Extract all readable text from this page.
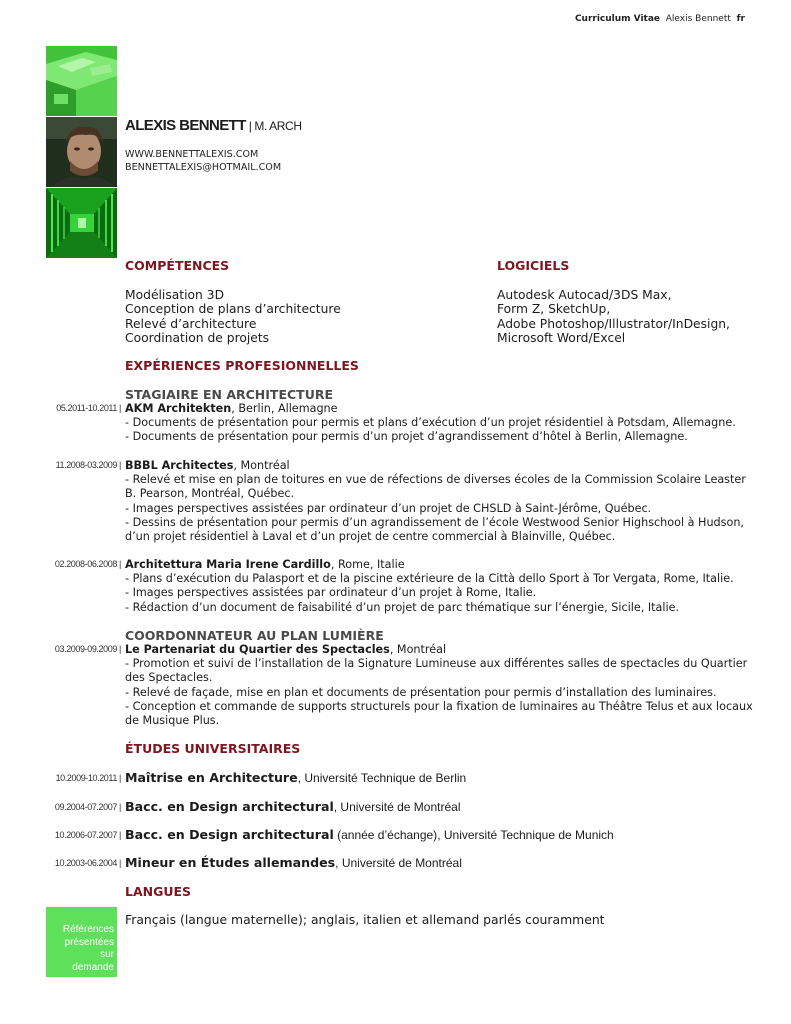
Curriculum Vitae Alexis Bennett fr
ALEXIS BENNETT | M. ARCH
WWW.BENNETTALEXIS.COM
BENNETTALEXIS@HOTMAIL.COM
COMPÉTENCES
Modélisation 3D
Conception de plans d’architecture
Relevé d’architecture
Coordination de projets
LOGICIELS
Autodesk Autocad/3DS Max,
Form Z, SketchUp,
Adobe Photoshop/Illustrator/InDesign,
Microsoft Word/Excel
EXPÉRIENCES PROFESIONNELLES
STAGIAIRE EN ARCHITECTURE
05.2011-10.2011 | AKM Architekten, Berlin, Allemagne
- Documents de présentation pour permis et plans d’exécution d’un projet résidentiel à Potsdam, Allemagne.
- Documents de présentation pour permis d’un projet d’agrandissement d’hôtel à Berlin, Allemagne.
11.2008-03.2009 | BBBL Architectes, Montréal
- Relevé et mise en plan de toitures en vue de réfections de diverses écoles de la Commission Scolaire Leaster
B. Pearson, Montréal, Québec.
- Images perspectives assistées par ordinateur d’un projet de CHSLD à Saint-Jérôme, Québec.
- Dessins de présentation pour permis d’un agrandissement de l’école Westwood Senior Highschool à Hudson,
d’un projet résidentiel à Laval et d’un projet de centre commercial à Blainville, Québec.
02.2008-06.2008 | Architettura Maria Irene Cardillo, Rome, Italie
- Plans d’exécution du Palasport et de la piscine extérieure de la Città dello Sport à Tor Vergata, Rome, Italie.
- Images perspectives assistées par ordinateur d’un projet à Rome, Italie.
- Rédaction d’un document de faisabilité d’un projet de parc thématique sur l’énergie, Sicile, Italie.
COORDONNATEUR AU PLAN LUMIÈRE
03.2009-09.2009 | Le Partenariat du Quartier des Spectacles, Montréal
- Promotion et suivi de l’installation de la Signature Lumineuse aux différentes salles de spectacles du Quartier
des Spectacles.
- Relevé de façade, mise en plan et documents de présentation pour permis d’installation des luminaires.
- Conception et commande de supports structurels pour la fixation de luminaires au Théâtre Telus et aux locaux
de Musique Plus.
ÉTUDES UNIVERSITAIRES
10.2009-10.2011 | Maîtrise en Architecture, Université Technique de Berlin
09.2004-07.2007 | Bacc. en Design architectural, Université de Montréal
10.2006-07.2007 | Bacc. en Design architectural (année d’échange), Université Technique de Munich
10.2003-06.2004 | Mineur en Études allemandes, Université de Montréal
LANGUES
Français (langue maternelle); anglais, italien et allemand parlés couramment
Références
présentées
sur
demande
